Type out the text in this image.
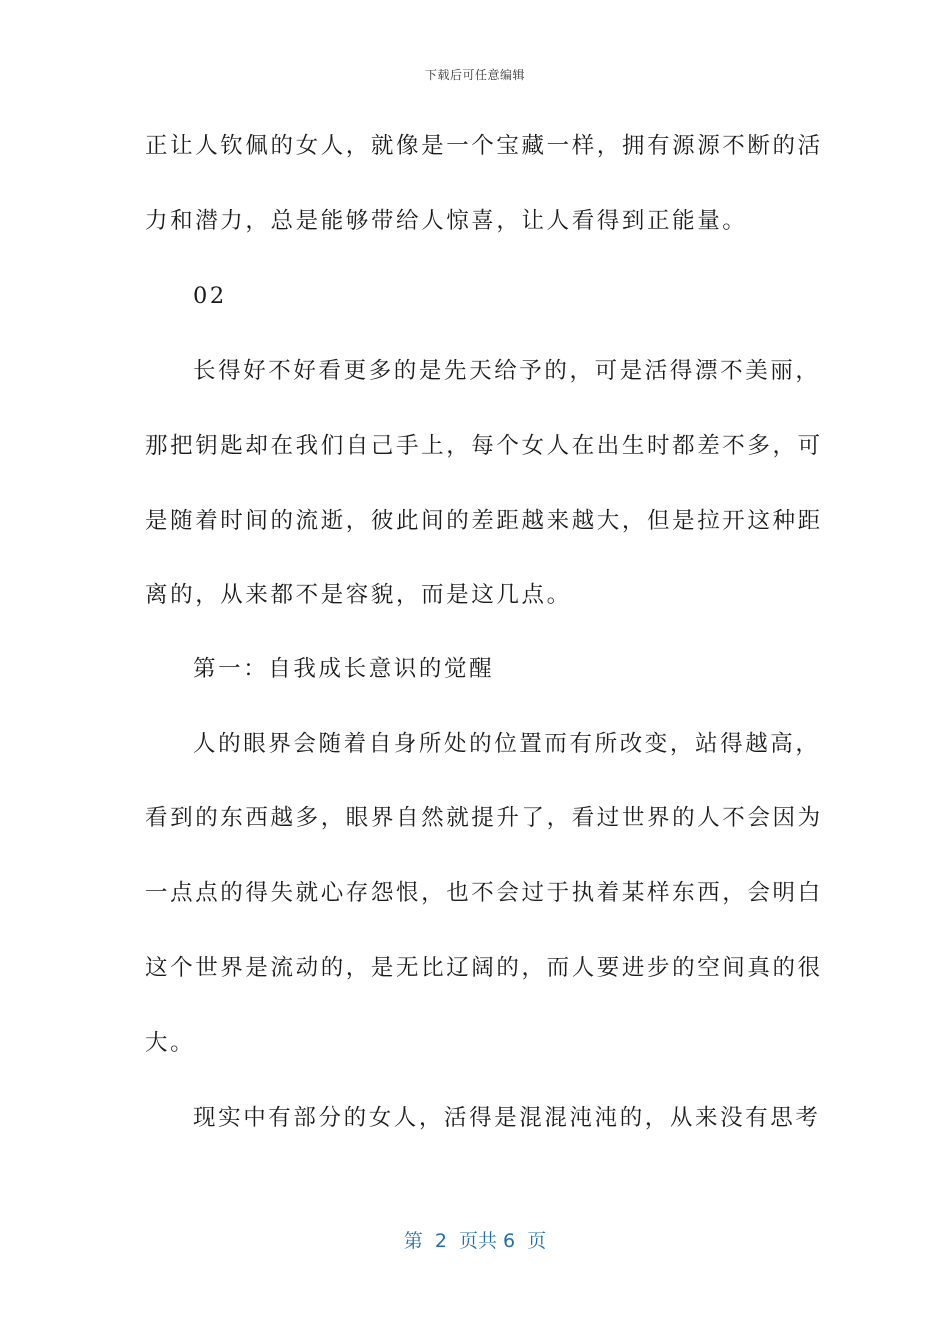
下载后可任意编辑
正让人钦佩的女人，就像是一个宝藏一样，拥有源源不断的活
力和潜力，总是能够带给人惊喜，让人看得到正能量。
02
长得好不好看更多的是先天给予的，可是活得漂不美丽，
那把钥匙却在我们自己手上，每个女人在出生时都差不多，可
是随着时间的流逝，彼此间的差距越来越大，但是拉开这种距
离的，从来都不是容貌，而是这几点。
第一：自我成长意识的觉醒
人的眼界会随着自身所处的位置而有所改变，站得越高，
看到的东西越多，眼界自然就提升了，看过世界的人不会因为
一点点的得失就心存怨恨，也不会过于执着某样东西，会明白
这个世界是流动的，是无比辽阔的，而人要进步的空间真的很
大。
现实中有部分的女人，活得是混混沌沌的，从来没有思考
第  2  页共 6  页
